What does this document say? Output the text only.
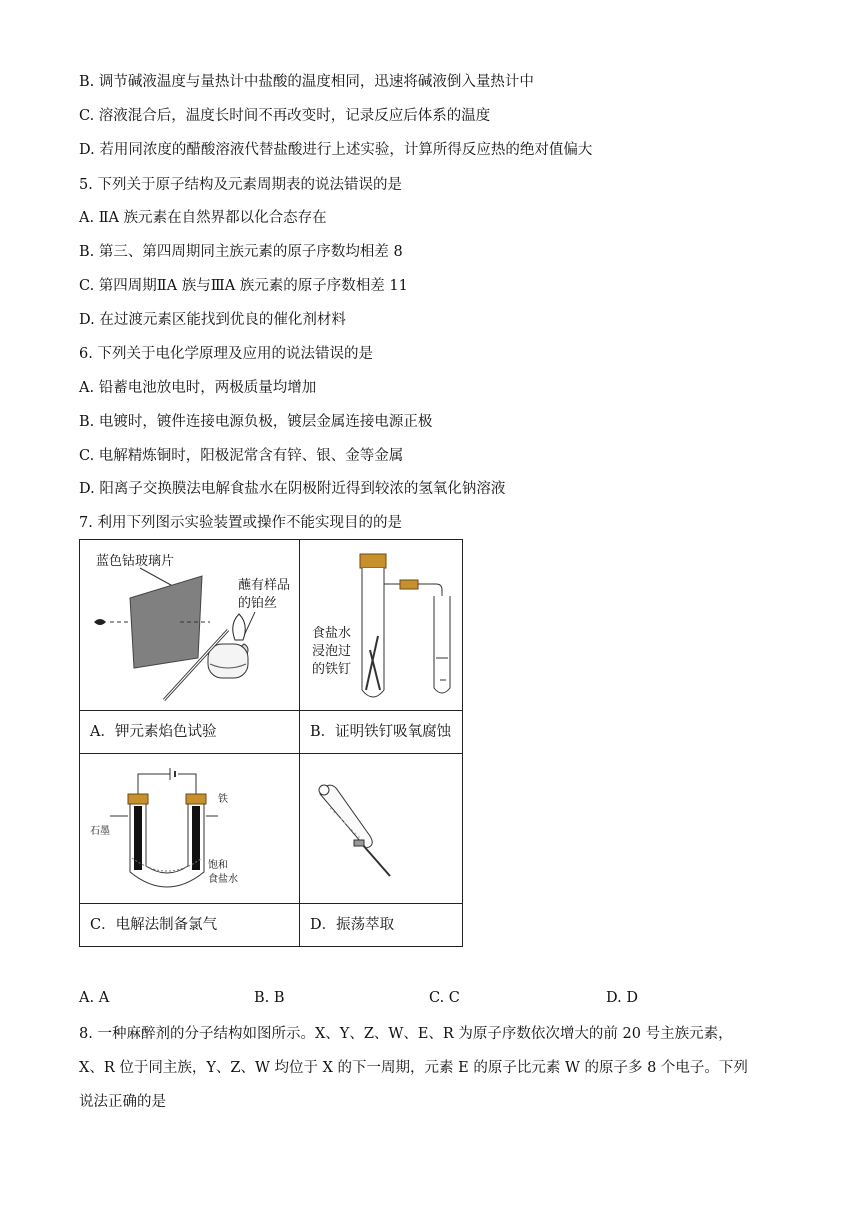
B. 调节碱液温度与量热计中盐酸的温度相同，迅速将碱液倒入量热计中
C. 溶液混合后，温度长时间不再改变时，记录反应后体系的温度
D. 若用同浓度的醋酸溶液代替盐酸进行上述实验，计算所得反应热的绝对值偏大
5. 下列关于原子结构及元素周期表的说法错误的是
A. ⅡA 族元素在自然界都以化合态存在
B. 第三、第四周期同主族元素的原子序数均相差 8
C. 第四周期ⅡA 族与ⅢA 族元素的原子序数相差 11
D. 在过渡元素区能找到优良的催化剂材料
6. 下列关于电化学原理及应用的说法错误的是
A. 铅蓄电池放电时，两极质量均增加
B. 电镀时，镀件连接电源负极，镀层金属连接电源正极
C. 电解精炼铜时，阳极泥常含有锌、银、金等金属
D. 阳离子交换膜法电解食盐水在阴极附近得到较浓的氢氧化钠溶液
7. 利用下列图示实验装置或操作不能实现目的的是
蓝色钴玻璃片
蘸有样品
的铂丝	食盐水
浸泡过
的铁钉

A．钾元素焰色试验	B．证明铁钉吸氧腐蚀

铁
石墨
饱和
食盐水

C．电解法制备氯气	D．振荡萃取
A. A	B. B	C. C	D. D
8. 一种麻醉剂的分子结构如图所示。X、Y、Z、W、E、R 为原子序数依次增大的前 20 号主族元素，
X、R 位于同主族，Y、Z、W 均位于 X 的下一周期，元素 E 的原子比元素 W 的原子多 8 个电子。下列
说法正确的是
